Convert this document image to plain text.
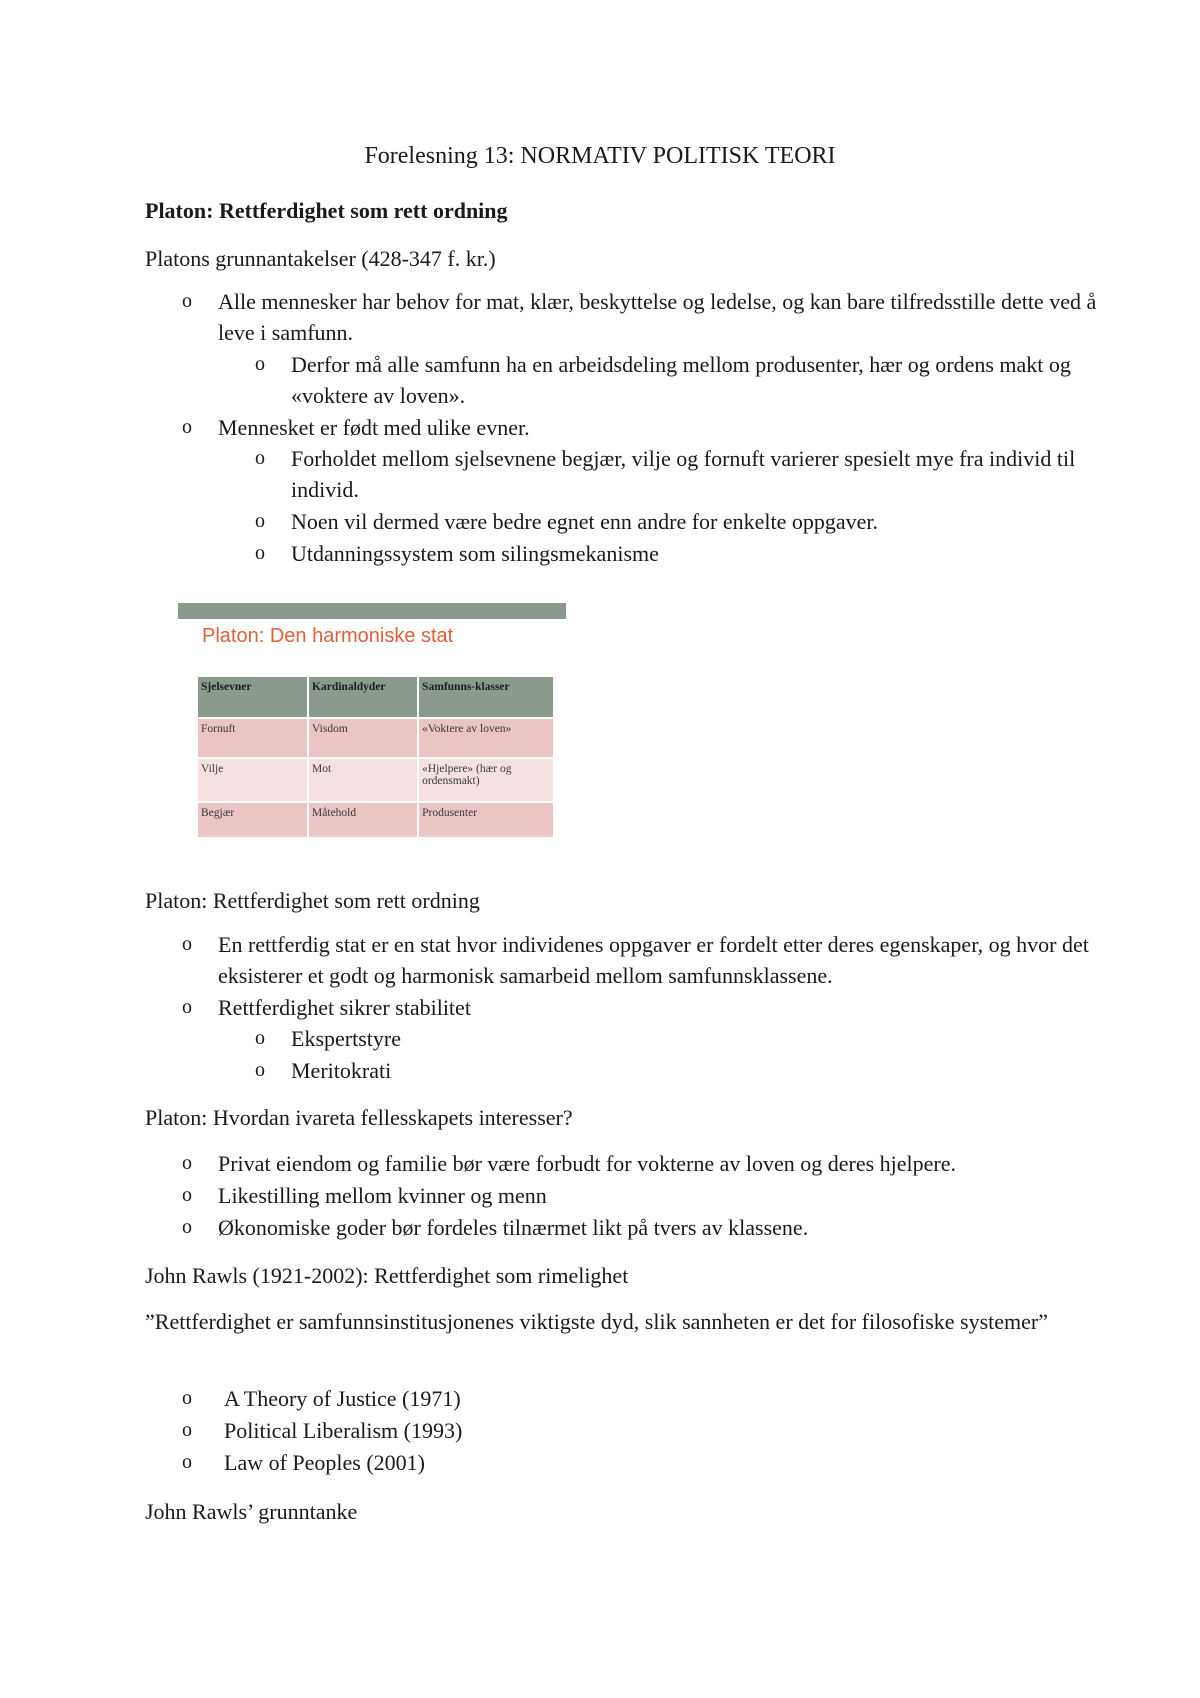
Forelesning 13: NORMATIV POLITISK TEORI
Platon: Rettferdighet som rett ordning
Platons grunnantakelser (428-347 f. kr.)
o Alle mennesker har behov for mat, klær, beskyttelse og ledelse, og kan bare tilfredsstille dette ved å leve i samfunn.
o Derfor må alle samfunn ha en arbeidsdeling mellom produsenter, hær og ordens makt og «voktere av loven».
o Mennesket er født med ulike evner.
o Forholdet mellom sjelsevnene begjær, vilje og fornuft varierer spesielt mye fra individ til individ.
o Noen vil dermed være bedre egnet enn andre for enkelte oppgaver.
o Utdanningssystem som silingsmekanisme
Platon: Den harmoniske stat
Sjelsevner	Kardinaldyder	Samfunns-klasser
Fornuft	Visdom	«Voktere av loven»
Vilje	Mot	«Hjelpere» (hær og ordensmakt)
Begjær	Måtehold	Produsenter
Platon: Rettferdighet som rett ordning
o En rettferdig stat er en stat hvor individenes oppgaver er fordelt etter deres egenskaper, og hvor det eksisterer et godt og harmonisk samarbeid mellom samfunnsklassene.
o Rettferdighet sikrer stabilitet
o Ekspertstyre
o Meritokrati
Platon: Hvordan ivareta fellesskapets interesser?
o Privat eiendom og familie bør være forbudt for vokterne av loven og deres hjelpere.
o Likestilling mellom kvinner og menn
o Økonomiske goder bør fordeles tilnærmet likt på tvers av klassene.
John Rawls (1921-2002): Rettferdighet som rimelighet
”Rettferdighet er samfunnsinstitusjonenes viktigste dyd, slik sannheten er det for filosofiske systemer”
o A Theory of Justice (1971)
o Political Liberalism (1993)
o Law of Peoples (2001)
John Rawls’ grunntanke
